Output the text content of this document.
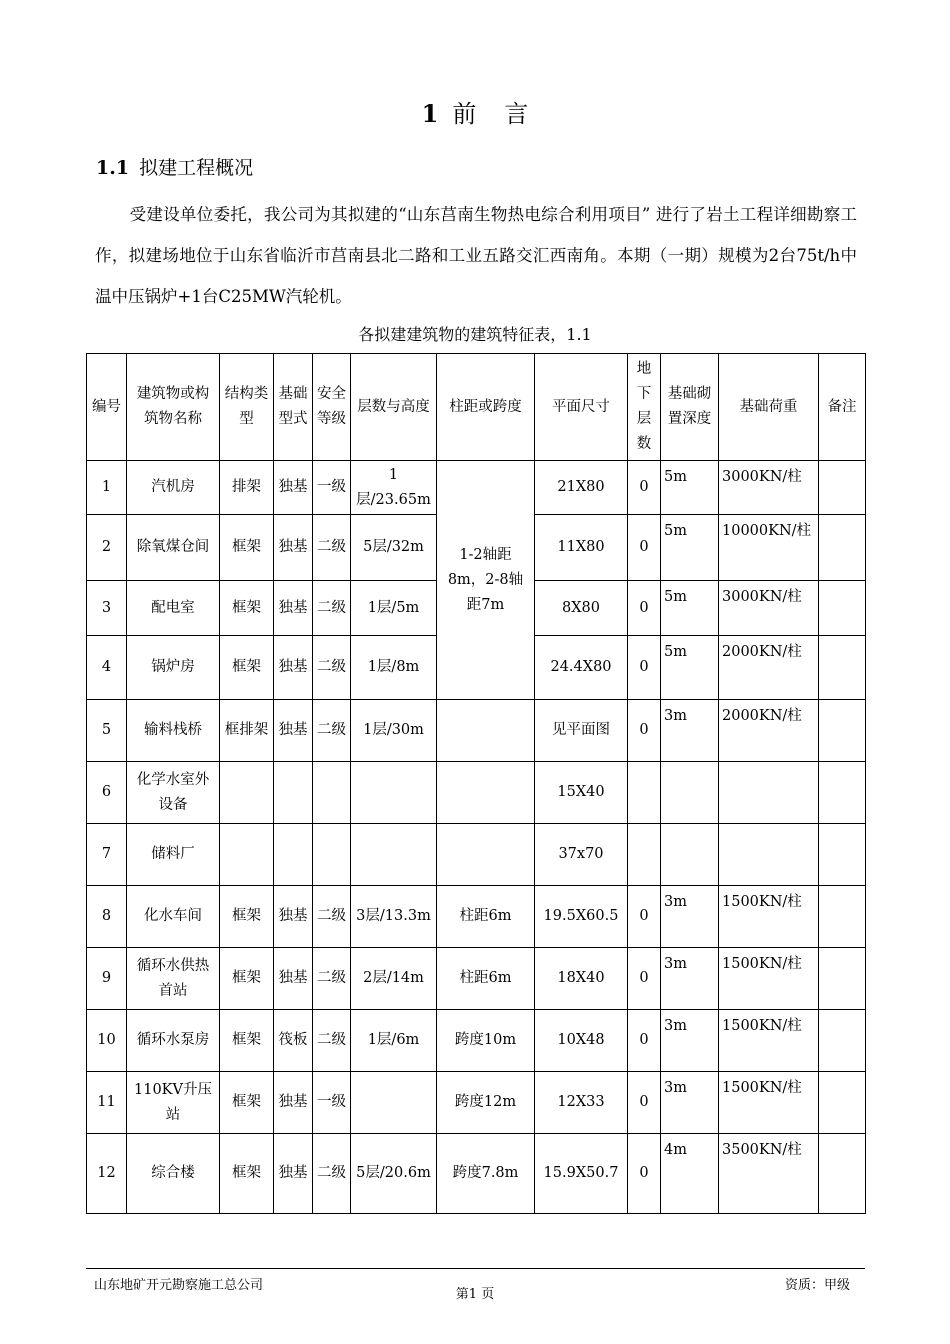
1 前 言
1.1 拟建工程概况

受建设单位委托，我公司为其拟建的“山东莒南生物热电综合利用项目” 进行了岩土工程详细勘察工作，拟建场地位于山东省临沂市莒南县北二路和工业五路交汇西南角。本期（一期）规模为2台75t/h中温中压锅炉+1台C25MW汽轮机。

各拟建建筑物的建筑特征表，1.1
编号	建筑物或构筑物名称	结构类型	基础型式	安全等级	层数与高度	柱距或跨度	平面尺寸	地下层数	基础砌置深度	基础荷重	备注
1	汽机房	排架	独基	一级	1层/23.65m	1-2轴距8m，2-8轴距7m	21X80	0	5m	3000KN/柱	
2	除氧煤仓间	框架	独基	二级	5层/32m		11X80	0	5m	10000KN/柱	
3	配电室	框架	独基	二级	1层/5m		8X80	0	5m	3000KN/柱	
4	锅炉房	框架	独基	二级	1层/8m		24.4X80	0	5m	2000KN/柱	
5	输料栈桥	框排架	独基	二级	1层/30m		见平面图	0	3m	2000KN/柱	
6	化学水室外设备						15X40				
7	储料厂						37x70				
8	化水车间	框架	独基	二级	3层/13.3m	柱距6m	19.5X60.5	0	3m	1500KN/柱	
9	循环水供热首站	框架	独基	二级	2层/14m	柱距6m	18X40	0	3m	1500KN/柱	
10	循环水泵房	框架	筏板	二级	1层/6m	跨度10m	10X48	0	3m	1500KN/柱	
11	110KV升压站	框架	独基	一级		跨度12m	12X33	0	3m	1500KN/柱	
12	综合楼	框架	独基	二级	5层/20.6m	跨度7.8m	15.9X50.7	0	4m	3500KN/柱	
山东地矿开元勘察施工总公司
第1 页
资质：甲级
